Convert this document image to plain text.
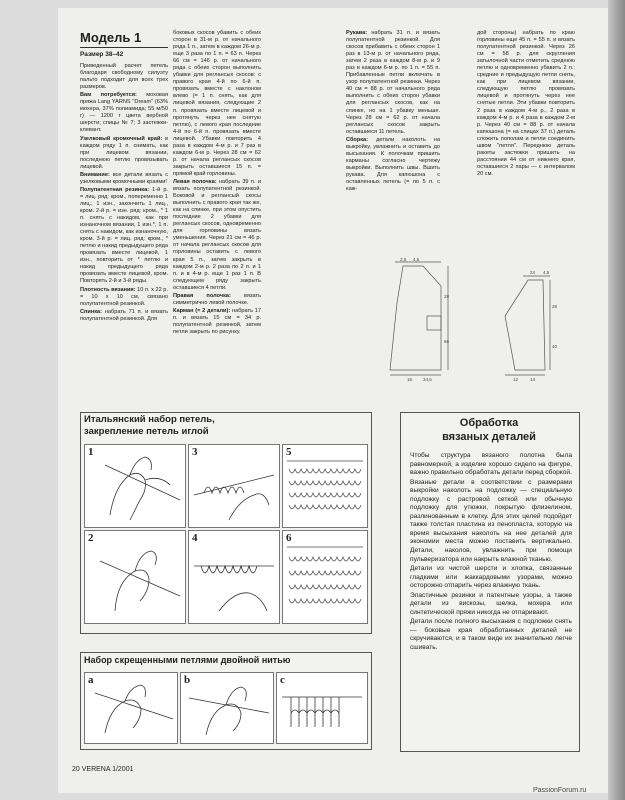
Модель 1

Размер 38–42

Приведенный расчет петель благодаря свободному силуэту пальто подходит для всех трех размеров.

Вам потребуется: моховая пряжа Lang YARNS "Dream" (63% мохера, 37% полиамида; 55 м/50 г) — 1200 г цвета вербной шерсти; спицы № 7; 3 застежки-клевант.

Узелковый кромочный край: в каждом ряду 1 п. снимать, как при лицевом вязании, последнюю петлю провязывать лицевой.

Внимание: все детали вязать с узелковыми кромочными краями!

Полупатентная резинка: 1-й р. = лиц. ряд: кром., попеременно 1 лиц., 1 изн., закончить 1 лиц., кром. 2-й р. = изн. ряд: кром., * 1 п. снять с накидом, как при изнаночном вязании, 1 изн.*, 1 п. снять с накидом, как изнаночную, кром. 3-й р. = лиц. ряд: кром., * петлю и накид предыдущего ряда провязать вместе лицевой, 1 изн., повторить от * петлю и накид предыдущего ряда провязать вместе лицевой, кром. Повторять 2-й и 3-й ряды.

Плотность вязания: 10 п. х 22 р. = 10 х 10 см, связано полупатентной резинкой.

Спинка: набрать 71 п. и вязать полупатентной резинкой. Для

боковых скосов убавить с обеих сторон в 31-м р. от начального ряда 1 п., затем в каждом 26-м р. еще 3 раза по 1 п. = 63 п. Через 66 см = 146 р. от начального ряда с обеих сторон выполнить убавки для реглансых скосов: с правого края 4-й по 6-й п. провязать вместе с наклоном влево (= 1 п. снять, как для лицевой вязания, следующие 2 п. провязать вместе лицевой и протянуть через нее снятую петлю), с левого края последние 4-й по 6-й п. провязать вместе лицевой. Убавки повторить 4 раза в каждом 4-м р. и 7 раз в каждом 6-м р. Через 28 см = 62 р. от начала реглансых скосов закрыть оставшиеся 15 п. = прямой край горловины.

Левая полочка: набрать 39 п. и вязать полупатентной резинкой. Боковой и реглансый скосы выполнить с правого края так же, как на спинке, при этом опустить последние 2 убавки для реглансых скосов, одновременно для горловины вязать уменьшения. Через 21 см = 46 р. от начала реглансых скосов для горловины оставить с левого края 5 п., затем закрыть в каждом 2-м р. 2 раза по 2 п. и 1 п. и в 4-м р. еще 1 раз 1 п. В следующем ряду закрыть оставшиеся 4 петли.

Правая полочка: вязать симметрично левой полочке.

Карман (= 2 детали): набрать 17 п. и вязать 15 см = 34 р. полупатентной резинкой, затем петли закрыть по рисунку.

Рукава: набрать 31 п. и вязать полупатентной резинкой. Для скосов прибавить с обеих сторон 1 раз в 13-м р. от начального ряда, затем 2 раза в каждом 8-м р. и 9 раз в каждом 6-м р. по 1 п. = 55 п. Прибавленные петли включать в узор полупатентной резинки. Через 40 см = 88 р. от начального ряда выполнить с обеих сторон убавки для реглансых скосов, как на спинке, но на 1 убавку меньше. Через 28 см = 62 р. от начала реглансых скосов закрыть оставшиеся 11 петель.

Сборка: детали наколоть на выкройку, увлажнить и оставить до высыхания. К полочкам пришить карманы согласно чертежу выкройки. Выполнить швы. Вшить рукава. Для капюшона с оставленных петель (= по 5 п. с каж-

дой стороны) набрать по краю горловины еще 45 п. = 55 п. и вязать полупатентной резинкой. Через 26 см = 58 р. для скругления затылочной части отметить среднюю петлю и одновременно убавить 2 п.: средние и предыдущую петли снять, как при лицевом вязании, следующую петлю провязать лицевой и протянуть через нее снятые петли. Эти убавки повторить 2 раза в каждом 4-м р., 2 раза в каждом 4-м р. и 4 раза в каждом 2-м р. Через 40 см = 88 р. от начала капюшона (= на спицах 37 п.) деталь сложить пополам и петли соединить швом "петля". Переднюю деталь ракеты застежки пришить на расстоянии 44 см от нижнего края, оставшиеся 2 пары — с интервалом 20 см.

2,5 4,5
28
66
15 34,5
24 4,5
28
40
12	14
Итальянский набор петель,
закрепление петель иглой
1
2
3
4
5
6
Набор скрещенными петлями двойной нитью
a	b	c
Обработка
вязаных деталей

Чтобы структура вязаного полотна была равномерной, а изделие хорошо сидело на фигуре, важно правильно обработать детали перед сборкой.

Вязаные детали в соответствии с размерами выкройки наколоть на подложку — специальную подложку с растровой сеткой или обычную подложку для утюжки, покрытую флизелином, разлинованным в клетку. Для этих целей подойдет также толстая пластина из пенопласта, которую на время высыхания наколоть на нее деталей для экономии места можно поставить вертикально. Детали, наколов, увлажнить при помощи пульверизатора или накрыть влажной тканью.

Детали из чистой шерсти и хлопка, связанные гладкими или жаккардовыми узорами, можно осторожно отпарить через влажную ткань.

Эластичные резинки и патентные узоры, а также детали из вискозы, шелка, мохера или синтетической пряжи никогда не отпаривают.

Детали после полного высыхания с подложки снять — боковые края обработанных деталей не скручиваются, и в таком виде их значительно легче сшивать.

20 VERENA 1/2001
PassionForum.ru
